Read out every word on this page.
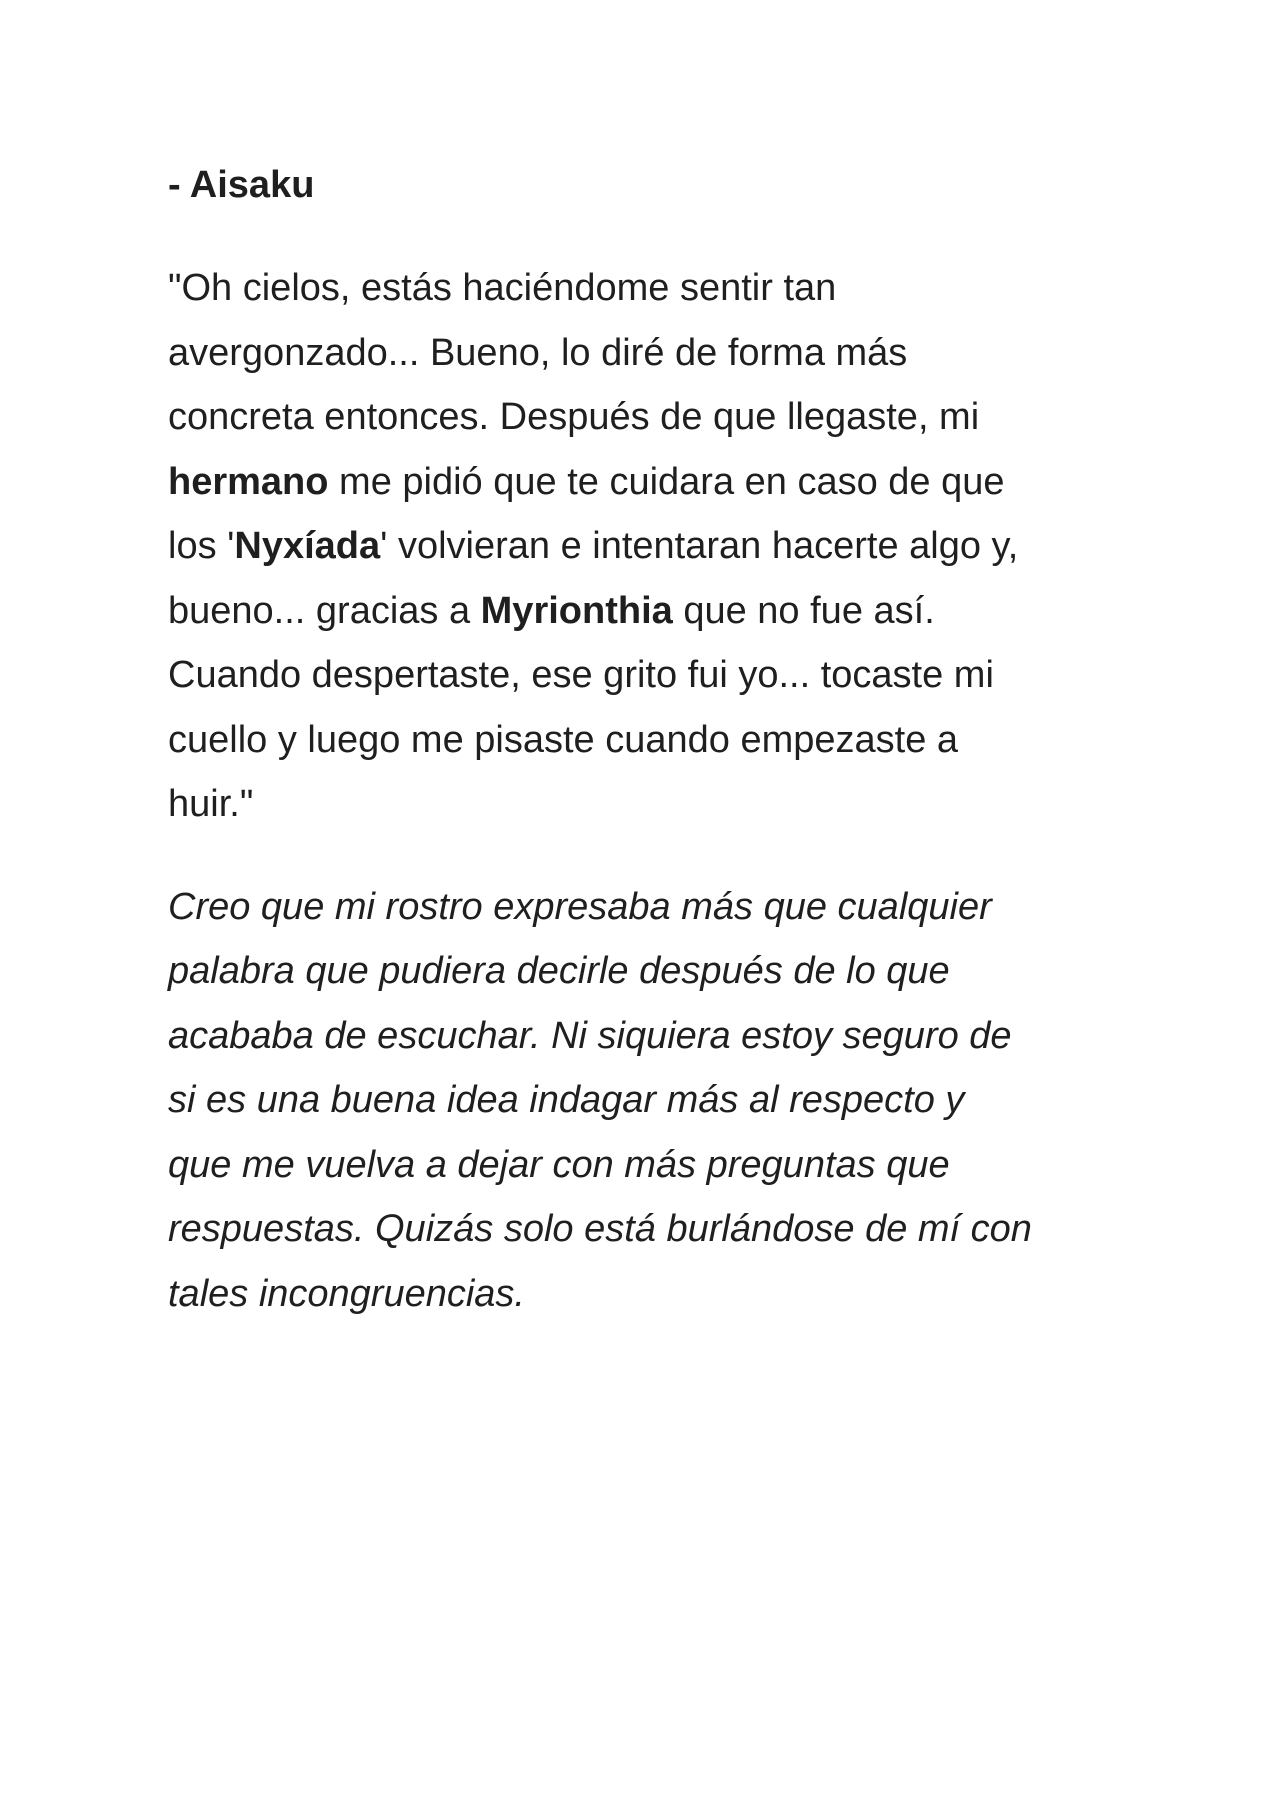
- Aisaku

"Oh cielos, estás haciéndome sentir tan
avergonzado... Bueno, lo diré de forma más
concreta entonces. Después de que llegaste, mi
hermano me pidió que te cuidara en caso de que
los 'Nyxíada' volvieran e intentaran hacerte algo y,
bueno... gracias a Myrionthia que no fue así.
Cuando despertaste, ese grito fui yo... tocaste mi
cuello y luego me pisaste cuando empezaste a
huir."

Creo que mi rostro expresaba más que cualquier
palabra que pudiera decirle después de lo que
acababa de escuchar. Ni siquiera estoy seguro de
si es una buena idea indagar más al respecto y
que me vuelva a dejar con más preguntas que
respuestas. Quizás solo está burlándose de mí con
tales incongruencias.
